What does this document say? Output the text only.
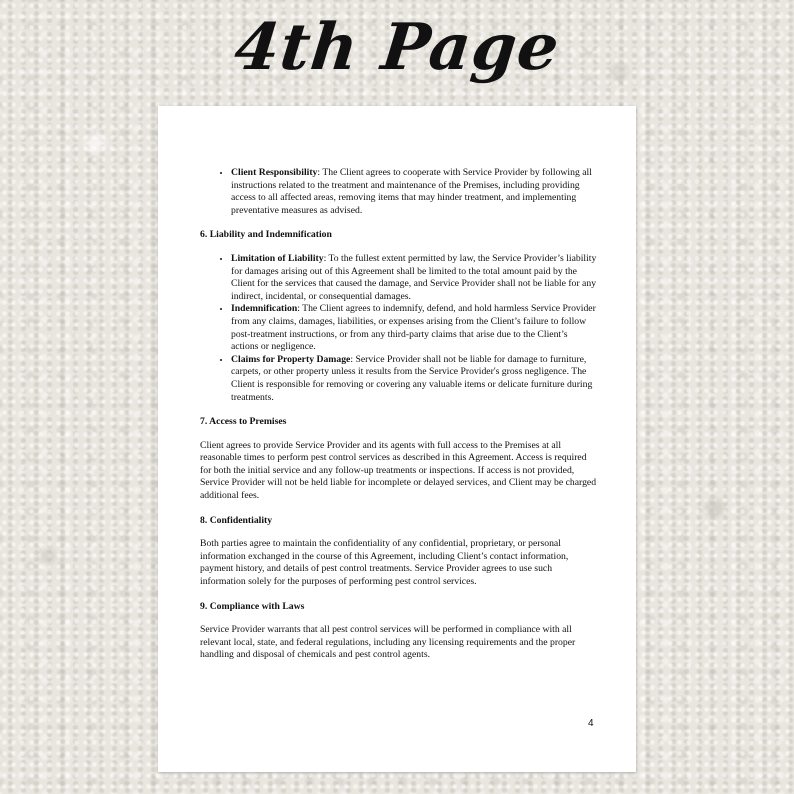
4th Page
• Client Responsibility: The Client agrees to cooperate with Service Provider by following all instructions related to the treatment and maintenance of the Premises, including providing access to all affected areas, removing items that may hinder treatment, and implementing preventative measures as advised.

6. Liability and Indemnification

• Limitation of Liability: To the fullest extent permitted by law, the Service Provider’s liability for damages arising out of this Agreement shall be limited to the total amount paid by the Client for the services that caused the damage, and Service Provider shall not be liable for any indirect, incidental, or consequential damages.
• Indemnification: The Client agrees to indemnify, defend, and hold harmless Service Provider from any claims, damages, liabilities, or expenses arising from the Client’s failure to follow post-treatment instructions, or from any third-party claims that arise due to the Client’s actions or negligence.
• Claims for Property Damage: Service Provider shall not be liable for damage to furniture, carpets, or other property unless it results from the Service Provider's gross negligence. The Client is responsible for removing or covering any valuable items or delicate furniture during treatments.

7. Access to Premises

Client agrees to provide Service Provider and its agents with full access to the Premises at all reasonable times to perform pest control services as described in this Agreement. Access is required for both the initial service and any follow-up treatments or inspections. If access is not provided, Service Provider will not be held liable for incomplete or delayed services, and Client may be charged additional fees.

8. Confidentiality

Both parties agree to maintain the confidentiality of any confidential, proprietary, or personal information exchanged in the course of this Agreement, including Client’s contact information, payment history, and details of pest control treatments. Service Provider agrees to use such information solely for the purposes of performing pest control services.

9. Compliance with Laws

Service Provider warrants that all pest control services will be performed in compliance with all relevant local, state, and federal regulations, including any licensing requirements and the proper handling and disposal of chemicals and pest control agents.

4
